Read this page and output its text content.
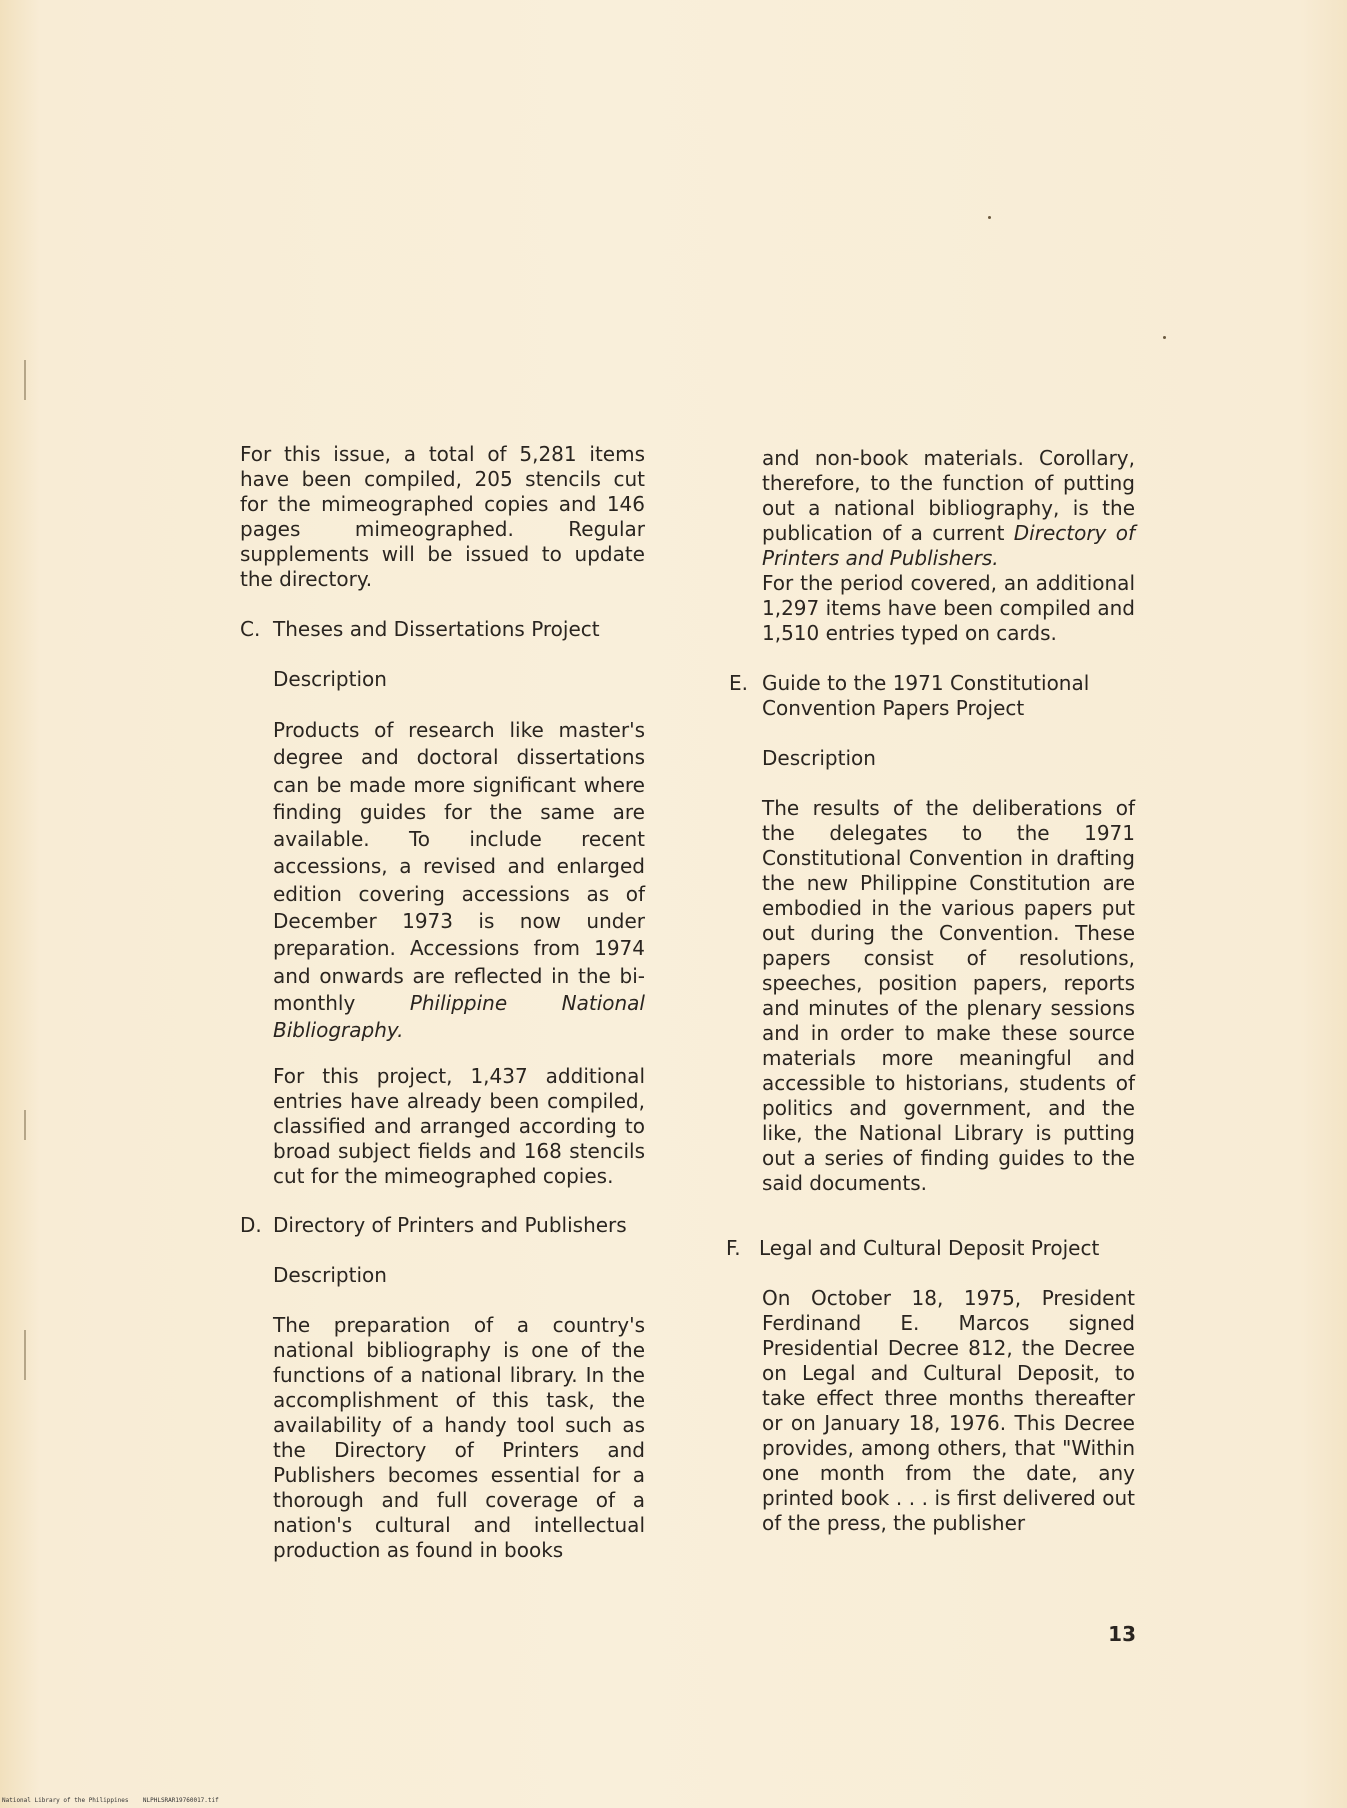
For this issue, a total of 5,281 items have been compiled, 205 stencils cut for the mimeographed copies and 146 pages mimeographed. Regular supplements will be issued to update the directory.

C. Theses and Dissertations Project

Description

Products of research like master's degree and doctoral dissertations can be made more significant where finding guides for the same are available. To include recent accessions, a revised and enlarged edition covering accessions as of December 1973 is now under preparation. Accessions from 1974 and onwards are reflected in the bi-monthly Philippine National Bibliography.

For this project, 1,437 additional entries have already been compiled, classified and arranged according to broad subject fields and 168 stencils cut for the mimeographed copies.

D. Directory of Printers and Publishers

Description

The preparation of a country's national bibliography is one of the functions of a national library. In the accomplishment of this task, the availability of a handy tool such as the Directory of Printers and Publishers becomes essential for a thorough and full coverage of a nation's cultural and intellectual production as found in books

and non-book materials. Corollary, therefore, to the function of putting out a national bibliography, is the publication of a current Directory of Printers and Publishers.

For the period covered, an additional 1,297 items have been compiled and 1,510 entries typed on cards.

E. Guide to the 1971 Constitutional Convention Papers Project

Description

The results of the deliberations of the delegates to the 1971 Constitutional Convention in drafting the new Philippine Constitution are embodied in the various papers put out during the Convention. These papers consist of resolutions, speeches, position papers, reports and minutes of the plenary sessions and in order to make these source materials more meaningful and accessible to historians, students of politics and government, and the like, the National Library is putting out a series of finding guides to the said documents.

F. Legal and Cultural Deposit Project

On October 18, 1975, President Ferdinand E. Marcos signed Presidential Decree 812, the Decree on Legal and Cultural Deposit, to take effect three months thereafter or on January 18, 1976. This Decree provides, among others, that "Within one month from the date, any printed book . . . is first delivered out of the press, the publisher

13
National Library of the Philippines    NLPHLSRAR19760017.tif
